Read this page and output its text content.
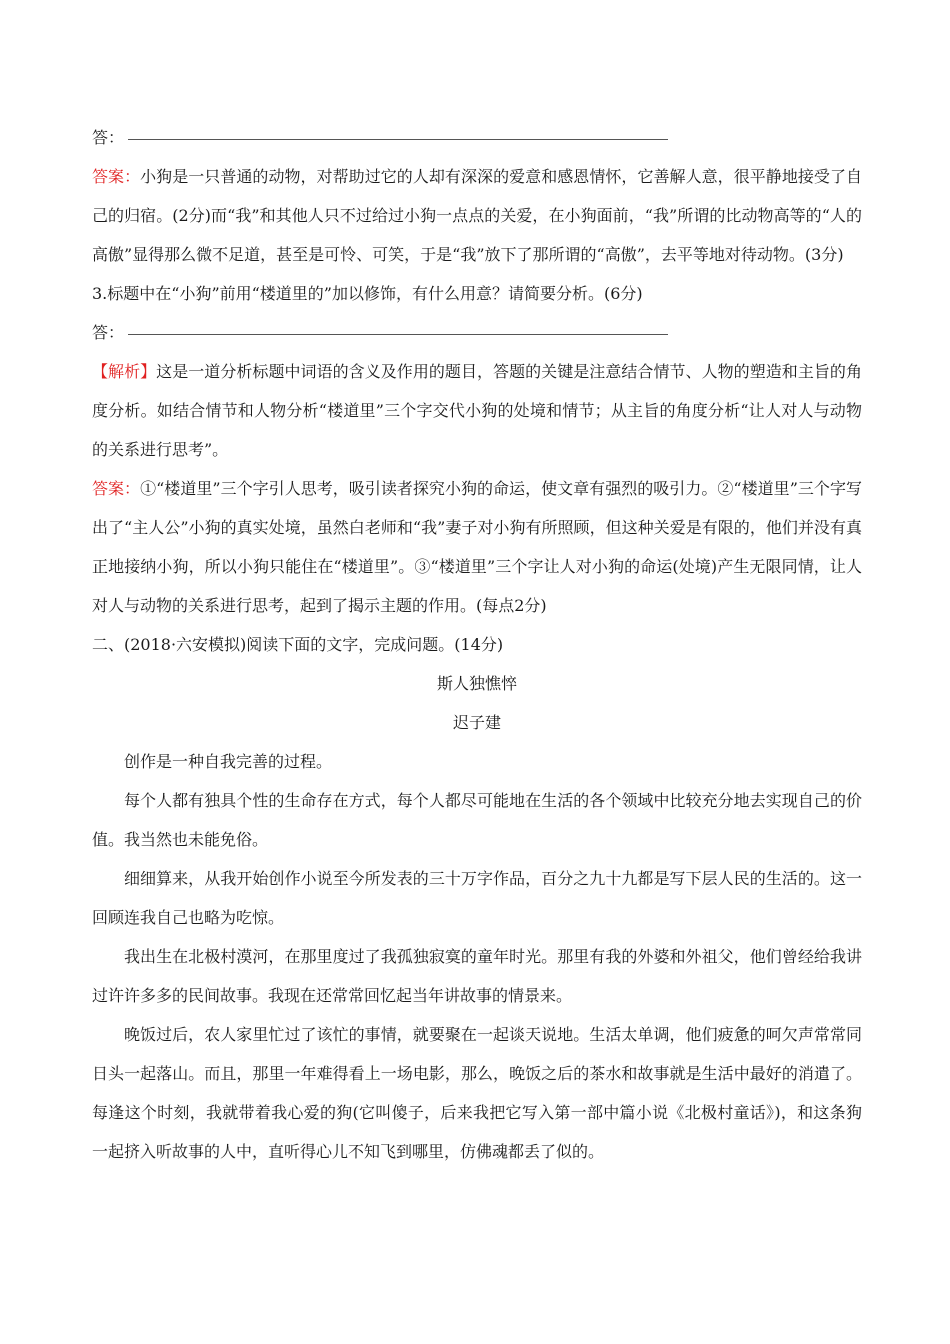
答：

答案：小狗是一只普通的动物，对帮助过它的人却有深深的爱意和感恩情怀，它善解人意，很平静地接受了自己的归宿。(2分)而“我”和其他人只不过给过小狗一点点的关爱，在小狗面前，“我”所谓的比动物高等的“人的高傲”显得那么微不足道，甚至是可怜、可笑，于是“我”放下了那所谓的“高傲”，去平等地对待动物。(3分)

3.标题中在“小狗”前用“楼道里的”加以修饰，有什么用意？请简要分析。(6分)

答：

【解析】这是一道分析标题中词语的含义及作用的题目，答题的关键是注意结合情节、人物的塑造和主旨的角度分析。如结合情节和人物分析“楼道里”三个字交代小狗的处境和情节；从主旨的角度分析“让人对人与动物的关系进行思考”。

答案：①“楼道里”三个字引人思考，吸引读者探究小狗的命运，使文章有强烈的吸引力。②“楼道里”三个字写出了“主人公”小狗的真实处境，虽然白老师和“我”妻子对小狗有所照顾，但这种关爱是有限的，他们并没有真正地接纳小狗，所以小狗只能住在“楼道里”。③“楼道里”三个字让人对小狗的命运(处境)产生无限同情，让人对人与动物的关系进行思考，起到了揭示主题的作用。(每点2分)

二、(2018·六安模拟)阅读下面的文字，完成问题。(14分)

斯人独憔悴

迟子建

创作是一种自我完善的过程。

每个人都有独具个性的生命存在方式，每个人都尽可能地在生活的各个领域中比较充分地去实现自己的价值。我当然也未能免俗。

细细算来，从我开始创作小说至今所发表的三十万字作品，百分之九十九都是写下层人民的生活的。这一回顾连我自己也略为吃惊。

我出生在北极村漠河，在那里度过了我孤独寂寞的童年时光。那里有我的外婆和外祖父，他们曾经给我讲过许许多多的民间故事。我现在还常常回忆起当年讲故事的情景来。

晚饭过后，农人家里忙过了该忙的事情，就要聚在一起谈天说地。生活太单调，他们疲惫的呵欠声常常同日头一起落山。而且，那里一年难得看上一场电影，那么，晚饭之后的茶水和故事就是生活中最好的消遣了。每逢这个时刻，我就带着我心爱的狗(它叫傻子，后来我把它写入第一部中篇小说《北极村童话》)，和这条狗一起挤入听故事的人中，直听得心儿不知飞到哪里，仿佛魂都丢了似的。
